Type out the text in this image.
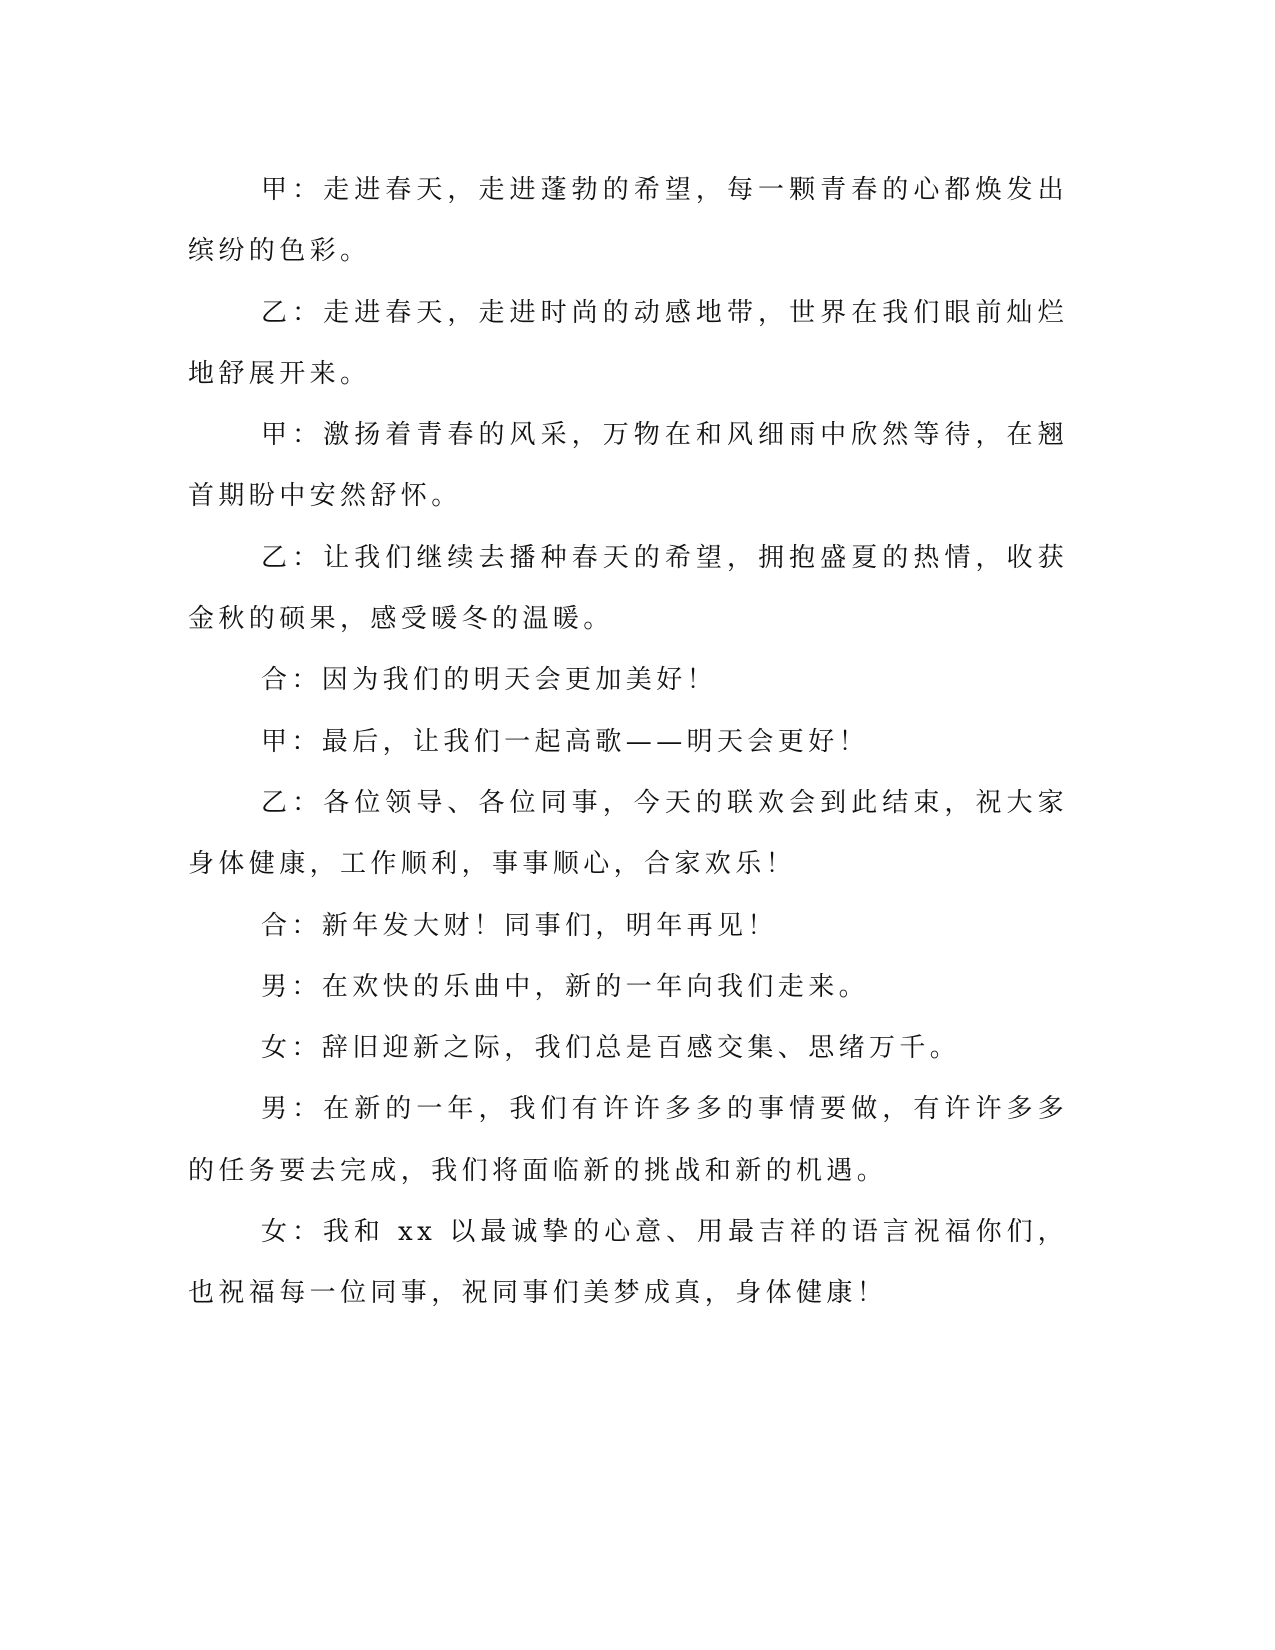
甲：走进春天，走进蓬勃的希望，每一颗青春的心都焕发出缤纷的色彩。

乙：走进春天，走进时尚的动感地带，世界在我们眼前灿烂地舒展开来。

甲：激扬着青春的风采，万物在和风细雨中欣然等待，在翘首期盼中安然舒怀。

乙：让我们继续去播种春天的希望，拥抱盛夏的热情，收获金秋的硕果，感受暖冬的温暖。

合：因为我们的明天会更加美好！

甲：最后，让我们一起高歌——明天会更好！

乙：各位领导、各位同事，今天的联欢会到此结束，祝大家身体健康，工作顺利，事事顺心，合家欢乐！

合：新年发大财！同事们，明年再见！

男：在欢快的乐曲中，新的一年向我们走来。

女：辞旧迎新之际，我们总是百感交集、思绪万千。

男：在新的一年，我们有许许多多的事情要做，有许许多多的任务要去完成，我们将面临新的挑战和新的机遇。

女：我和 xx 以最诚挚的心意、用最吉祥的语言祝福你们，也祝福每一位同事，祝同事们美梦成真，身体健康！
